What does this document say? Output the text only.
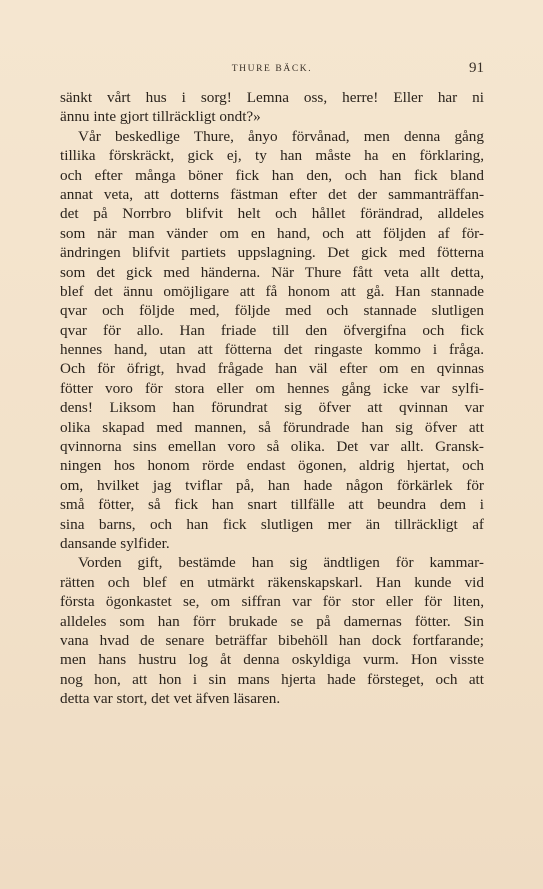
THURE BÄCK.	91
sänkt vårt hus i sorg! Lemna oss, herre! Eller har ni
ännu inte gjort tillräckligt ondt?»
Vår beskedlige Thure, ånyo förvånad, men denna gång
tillika förskräckt, gick ej, ty han måste ha en förklaring,
och efter många böner fick han den, och han fick bland
annat veta, att dotterns fästman efter det der sammanträffan-
det på Norrbro blifvit helt och hållet förändrad, alldeles
som när man vänder om en hand, och att följden af för-
ändringen blifvit partiets uppslagning. Det gick med fötterna
som det gick med händerna. När Thure fått veta allt detta,
blef det ännu omöjligare att få honom att gå. Han stannade
qvar och följde med, följde med och stannade slutligen
qvar för allo. Han friade till den öfvergifna och fick
hennes hand, utan att fötterna det ringaste kommo i fråga.
Och för öfrigt, hvad frågade han väl efter om en qvinnas
fötter voro för stora eller om hennes gång icke var sylfi-
dens! Liksom han förundrat sig öfver att qvinnan var
olika skapad med mannen, så förundrade han sig öfver att
qvinnorna sins emellan voro så olika. Det var allt. Gransk-
ningen hos honom rörde endast ögonen, aldrig hjertat, och
om, hvilket jag tviflar på, han hade någon förkärlek för
små fötter, så fick han snart tillfälle att beundra dem i
sina barns, och han fick slutligen mer än tillräckligt af
dansande sylfider.
Vorden gift, bestämde han sig ändtligen för kammar-
rätten och blef en utmärkt räkenskapskarl. Han kunde vid
första ögonkastet se, om siffran var för stor eller för liten,
alldeles som han förr brukade se på damernas fötter. Sin
vana hvad de senare beträffar bibehöll han dock fortfarande;
men hans hustru log åt denna oskyldiga vurm. Hon visste
nog hon, att hon i sin mans hjerta hade försteget, och att
detta var stort, det vet äfven läsaren.
